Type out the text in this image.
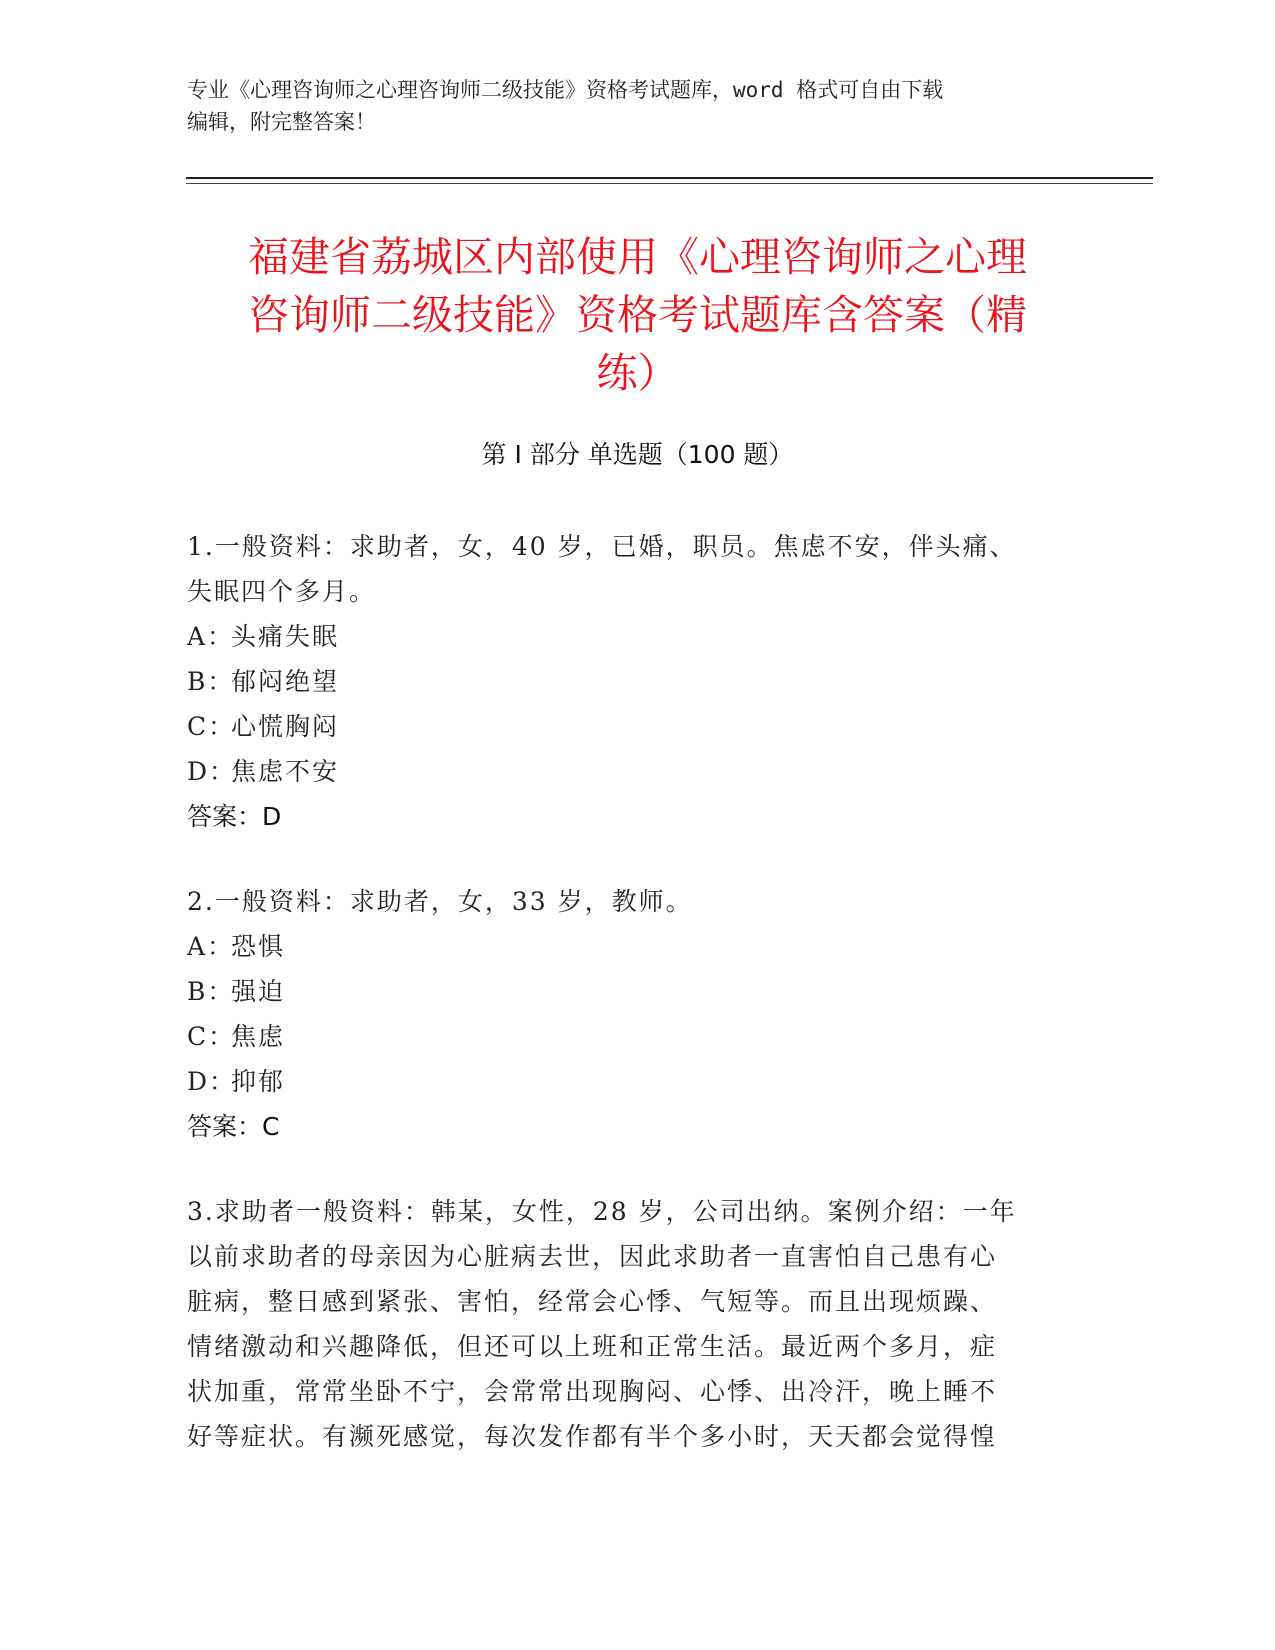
专业《心理咨询师之心理咨询师二级技能》资格考试题库，word 格式可自由下载
编辑，附完整答案！
福建省荔城区内部使用《心理咨询师之心理
咨询师二级技能》资格考试题库含答案（精
练）
第 I 部分 单选题（100 题）

1.一般资料：求助者，女，40 岁，已婚，职员。焦虑不安，伴头痛、

失眠四个多月。

A：头痛失眠

B：郁闷绝望

C：心慌胸闷

D：焦虑不安

答案：D

2.一般资料：求助者，女，33 岁，教师。

A：恐惧

B：强迫

C：焦虑

D：抑郁

答案：C

3.求助者一般资料：韩某，女性，28 岁，公司出纳。案例介绍：一年

以前求助者的母亲因为心脏病去世，因此求助者一直害怕自己患有心

脏病，整日感到紧张、害怕，经常会心悸、气短等。而且出现烦躁、

情绪激动和兴趣降低，但还可以上班和正常生活。最近两个多月，症

状加重，常常坐卧不宁，会常常出现胸闷、心悸、出冷汗，晚上睡不

好等症状。有濒死感觉，每次发作都有半个多小时，天天都会觉得惶
